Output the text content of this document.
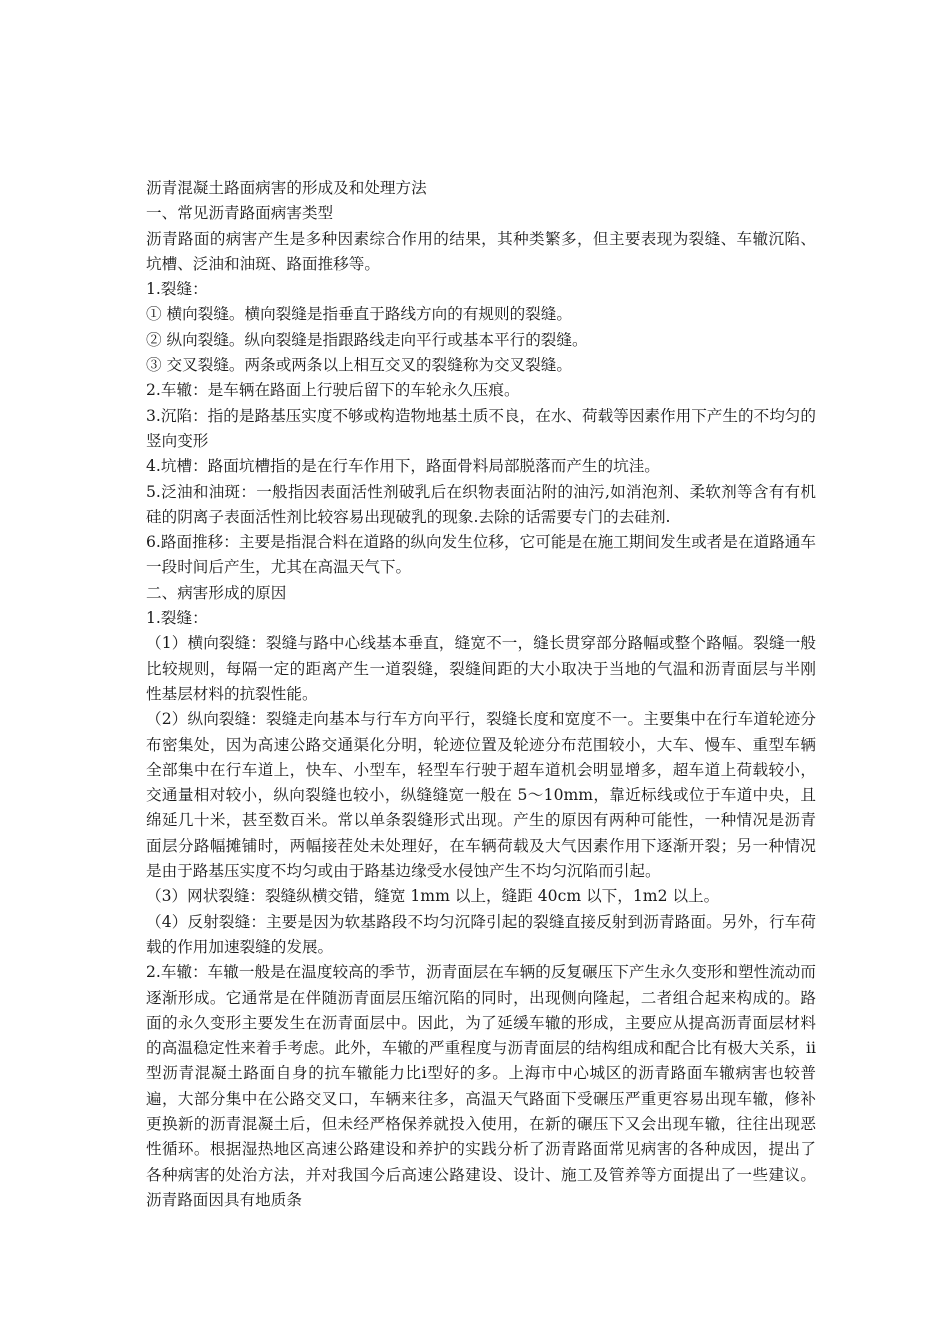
沥青混凝土路面病害的形成及和处理方法

一、常见沥青路面病害类型

沥青路面的病害产生是多种因素综合作用的结果，其种类繁多，但主要表现为裂缝、车辙沉陷、坑槽、泛油和油斑、路面推移等。

1.裂缝：

① 横向裂缝。横向裂缝是指垂直于路线方向的有规则的裂缝。

② 纵向裂缝。纵向裂缝是指跟路线走向平行或基本平行的裂缝。

③ 交叉裂缝。两条或两条以上相互交叉的裂缝称为交叉裂缝。

2.车辙：是车辆在路面上行驶后留下的车轮永久压痕。

3.沉陷：指的是路基压实度不够或构造物地基土质不良，在水、荷载等因素作用下产生的不均匀的竖向变形

4.坑槽：路面坑槽指的是在行车作用下，路面骨料局部脱落而产生的坑洼。

5.泛油和油斑：一般指因表面活性剂破乳后在织物表面沾附的油污,如消泡剂、柔软剂等含有有机硅的阴离子表面活性剂比较容易出现破乳的现象.去除的话需要专门的去硅剂.

6.路面推移：主要是指混合料在道路的纵向发生位移，它可能是在施工期间发生或者是在道路通车一段时间后产生，尤其在高温天气下。

二、病害形成的原因

1.裂缝：

（1）横向裂缝：裂缝与路中心线基本垂直，缝宽不一，缝长贯穿部分路幅或整个路幅。裂缝一般比较规则，每隔一定的距离产生一道裂缝，裂缝间距的大小取决于当地的气温和沥青面层与半刚性基层材料的抗裂性能。

（2）纵向裂缝：裂缝走向基本与行车方向平行，裂缝长度和宽度不一。主要集中在行车道轮迹分布密集处，因为高速公路交通渠化分明，轮迹位置及轮迹分布范围较小，大车、慢车、重型车辆全部集中在行车道上，快车、小型车，轻型车行驶于超车道机会明显增多，超车道上荷载较小，交通量相对较小，纵向裂缝也较小，纵缝缝宽一般在 5～10mm，靠近标线或位于车道中央，且绵延几十米，甚至数百米。常以单条裂缝形式出现。产生的原因有两种可能性，一种情况是沥青面层分路幅摊铺时，两幅接茬处未处理好，在车辆荷载及大气因素作用下逐渐开裂；另一种情况是由于路基压实度不均匀或由于路基边缘受水侵蚀产生不均匀沉陷而引起。

（3）网状裂缝：裂缝纵横交错，缝宽 1mm 以上，缝距 40cm 以下，1m2 以上。

（4）反射裂缝：主要是因为软基路段不均匀沉降引起的裂缝直接反射到沥青路面。另外，行车荷载的作用加速裂缝的发展。

2.车辙：车辙一般是在温度较高的季节，沥青面层在车辆的反复碾压下产生永久变形和塑性流动而逐渐形成。它通常是在伴随沥青面层压缩沉陷的同时，出现侧向隆起，二者组合起来构成的。路面的永久变形主要发生在沥青面层中。因此，为了延缓车辙的形成，主要应从提高沥青面层材料的高温稳定性来着手考虑。此外，车辙的严重程度与沥青面层的结构组成和配合比有极大关系，ⅱ型沥青混凝土路面自身的抗车辙能力比ⅰ型好的多。上海市中心城区的沥青路面车辙病害也较普遍，大部分集中在公路交叉口，车辆来往多，高温天气路面下受碾压严重更容易出现车辙，修补更换新的沥青混凝土后，但未经严格保养就投入使用，在新的碾压下又会出现车辙，往往出现恶性循环。根据湿热地区高速公路建设和养护的实践分析了沥青路面常见病害的各种成因，提出了各种病害的处治方法，并对我国今后高速公路建设、设计、施工及管养等方面提出了一些建议。沥青路面因具有地质条
